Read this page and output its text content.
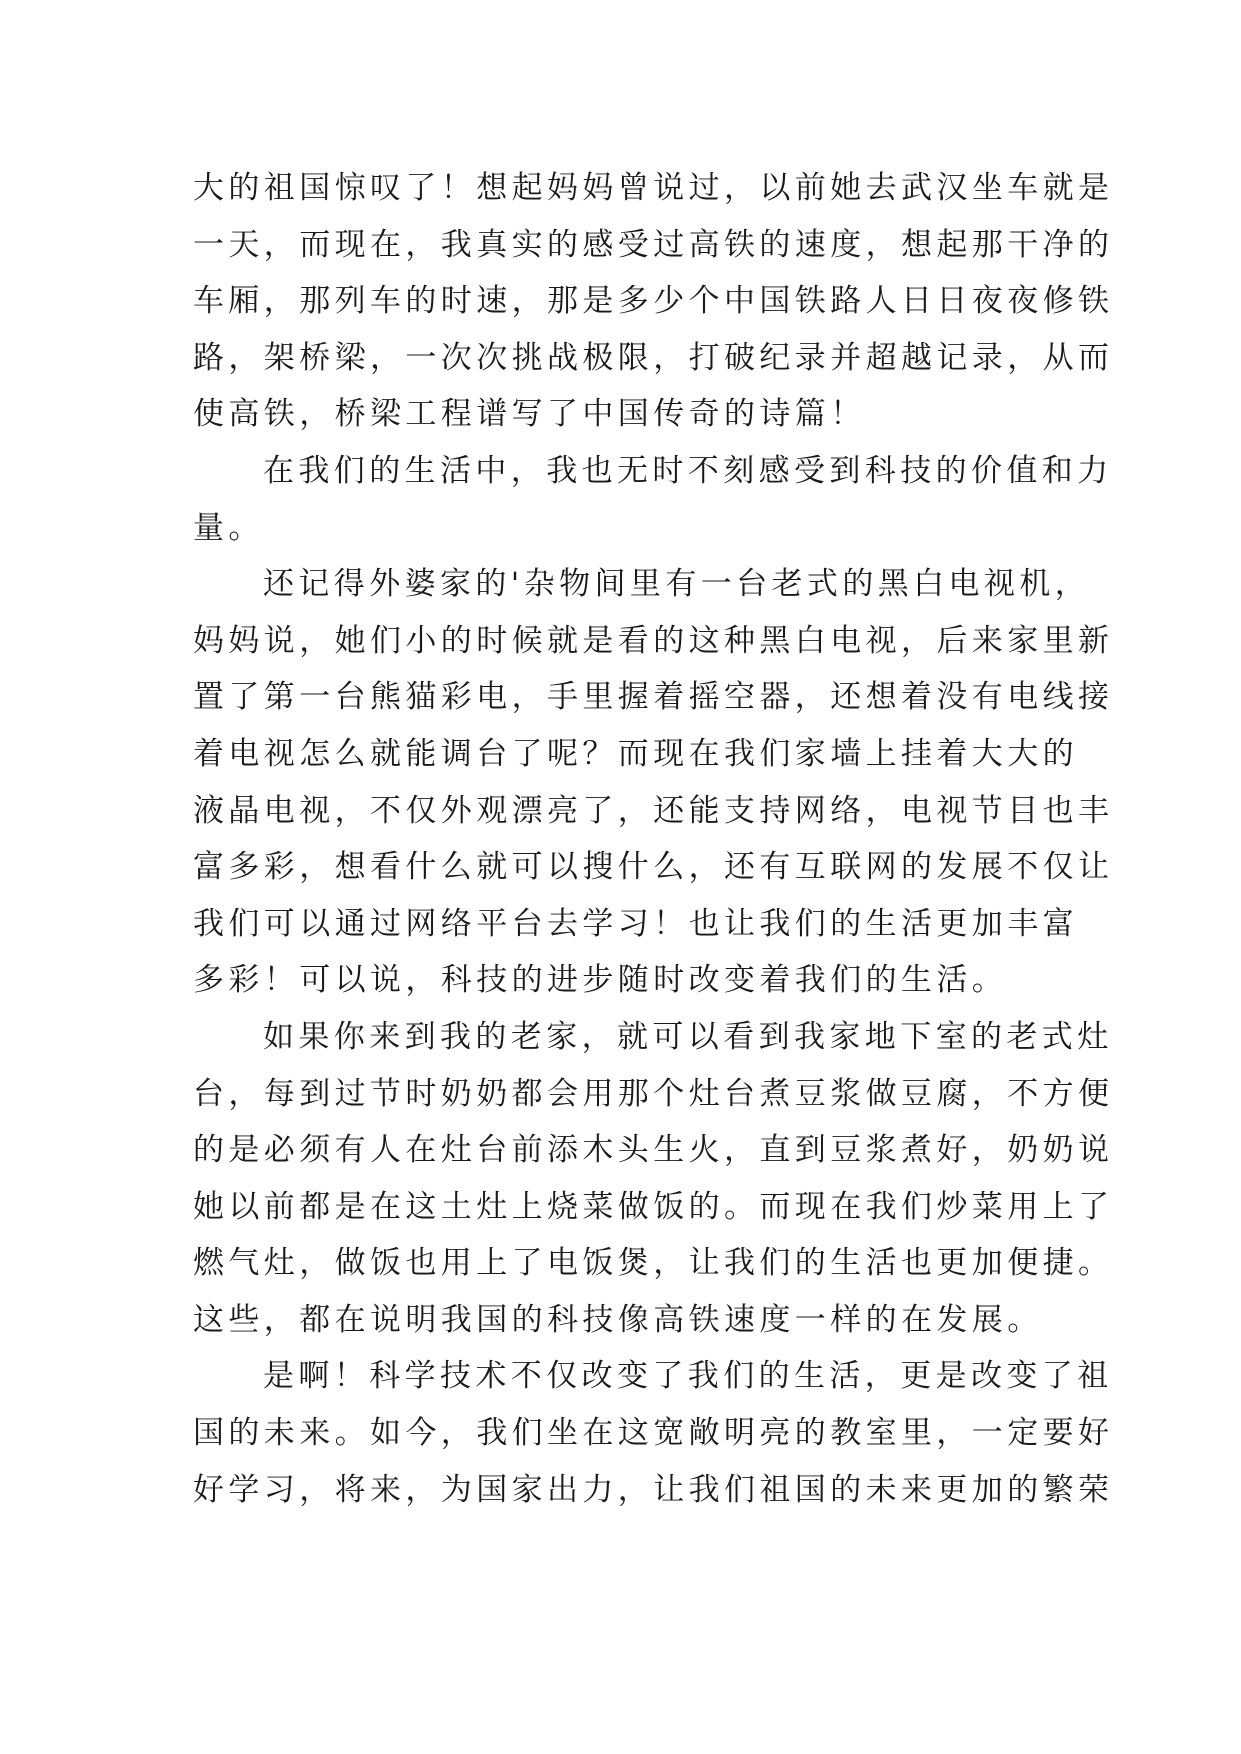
大的祖国惊叹了！想起妈妈曾说过，以前她去武汉坐车就是
一天，而现在，我真实的感受过高铁的速度，想起那干净的
车厢，那列车的时速，那是多少个中国铁路人日日夜夜修铁
路，架桥梁，一次次挑战极限，打破纪录并超越记录，从而
使高铁，桥梁工程谱写了中国传奇的诗篇！

在我们的生活中，我也无时不刻感受到科技的价值和力
量。

还记得外婆家的'杂物间里有一台老式的黑白电视机，
妈妈说，她们小的时候就是看的这种黑白电视，后来家里新
置了第一台熊猫彩电，手里握着摇空器，还想着没有电线接
着电视怎么就能调台了呢？而现在我们家墙上挂着大大的
液晶电视，不仅外观漂亮了，还能支持网络，电视节目也丰
富多彩，想看什么就可以搜什么，还有互联网的发展不仅让
我们可以通过网络平台去学习！也让我们的生活更加丰富
多彩！可以说，科技的进步随时改变着我们的生活。

如果你来到我的老家，就可以看到我家地下室的老式灶
台，每到过节时奶奶都会用那个灶台煮豆浆做豆腐，不方便
的是必须有人在灶台前添木头生火，直到豆浆煮好，奶奶说
她以前都是在这土灶上烧菜做饭的。而现在我们炒菜用上了
燃气灶，做饭也用上了电饭煲，让我们的生活也更加便捷。
这些，都在说明我国的科技像高铁速度一样的在发展。

是啊！科学技术不仅改变了我们的生活，更是改变了祖
国的未来。如今，我们坐在这宽敞明亮的教室里，一定要好
好学习，将来，为国家出力，让我们祖国的未来更加的繁荣
